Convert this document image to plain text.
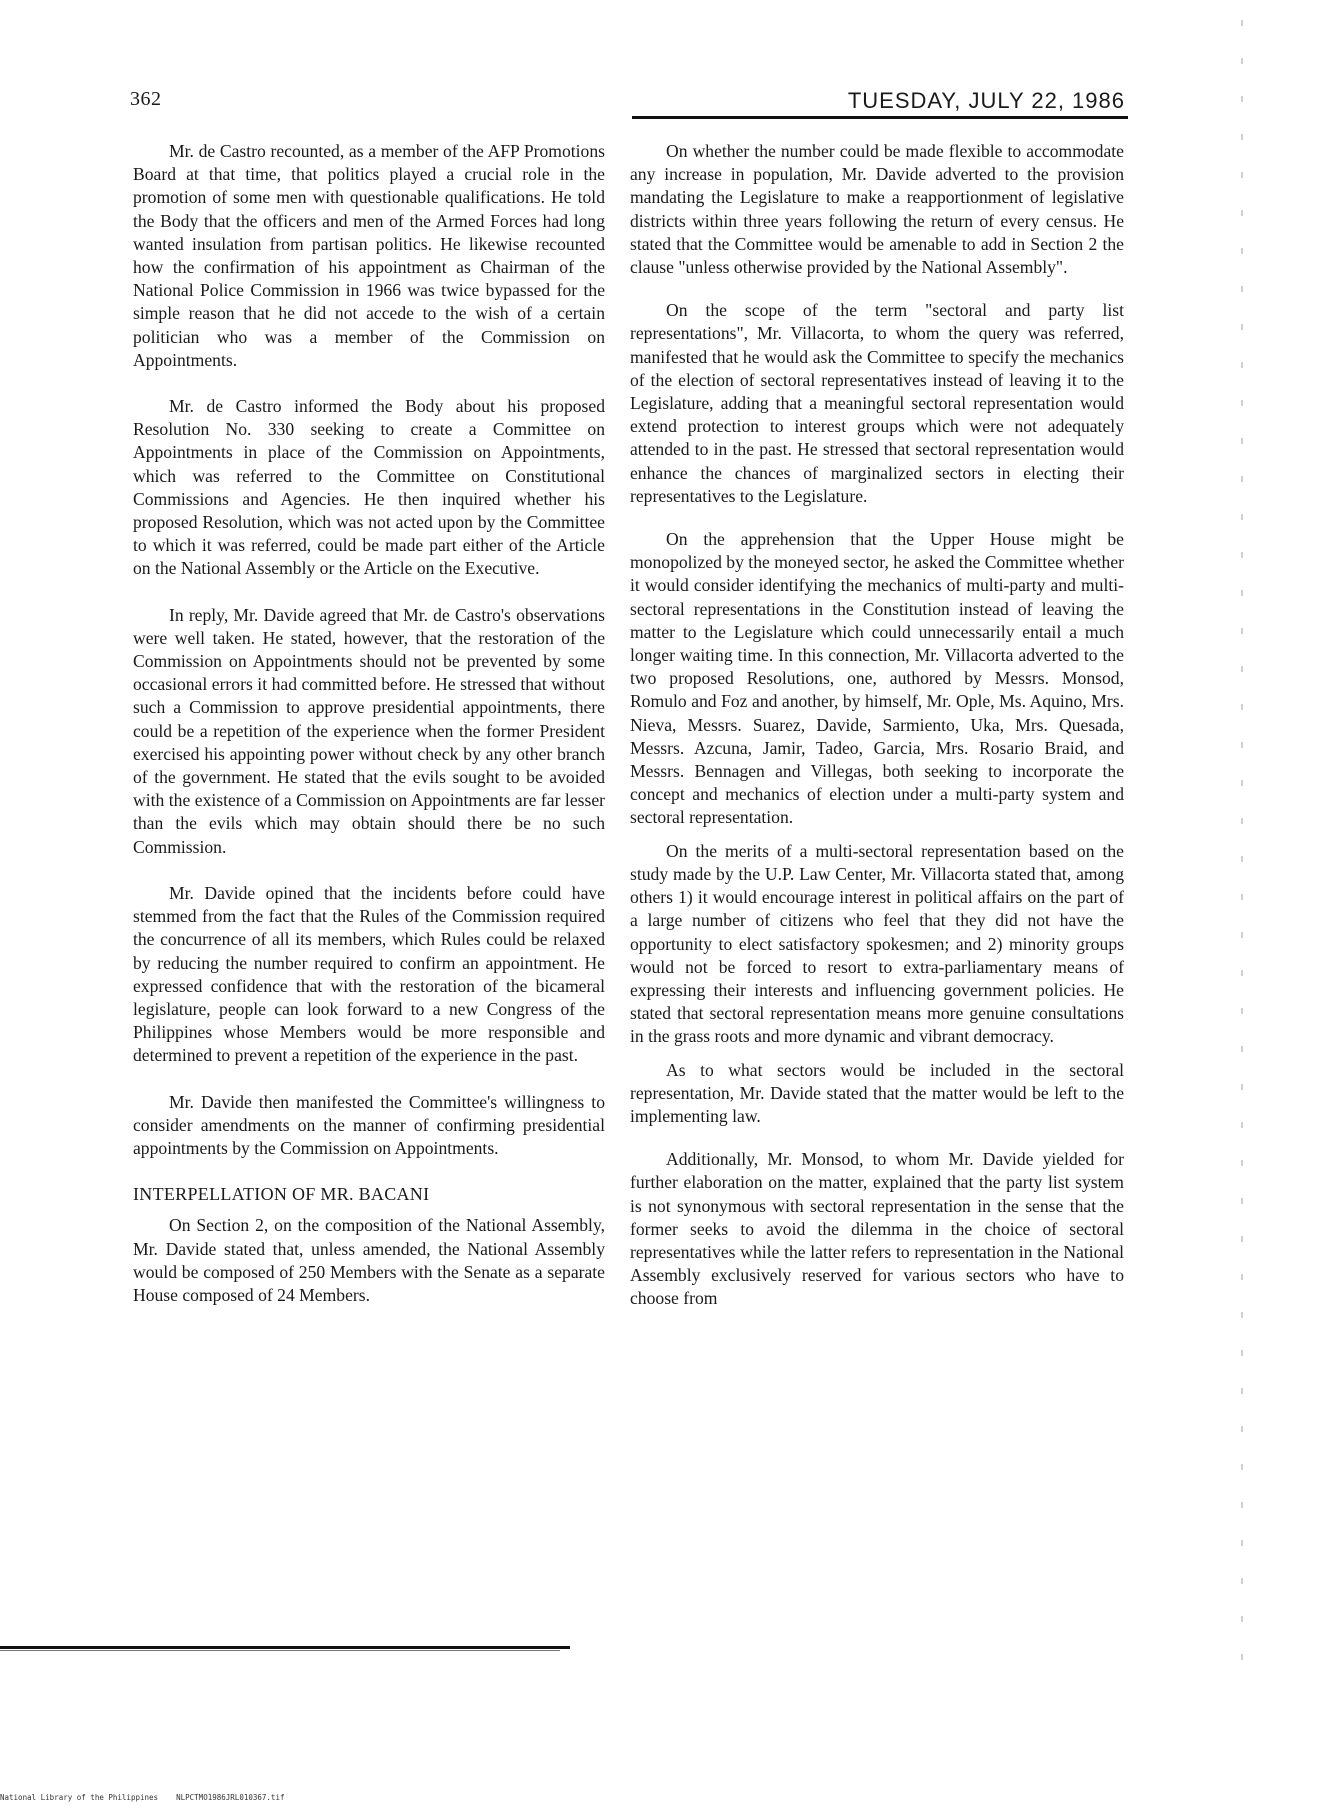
362	TUESDAY, JULY 22, 1986

Mr. de Castro recounted, as a member of the AFP Promotions Board at that time, that politics played a crucial role in the promotion of some men with questionable qualifications. He told the Body that the officers and men of the Armed Forces had long wanted insulation from partisan politics. He likewise recounted how the confirmation of his appointment as Chairman of the National Police Commission in 1966 was twice bypassed for the simple reason that he did not accede to the wish of a certain politician who was a member of the Commission on Appointments.

Mr. de Castro informed the Body about his proposed Resolution No. 330 seeking to create a Committee on Appointments in place of the Commission on Appointments, which was referred to the Committee on Constitutional Commissions and Agencies. He then inquired whether his proposed Resolution, which was not acted upon by the Committee to which it was referred, could be made part either of the Article on the National Assembly or the Article on the Executive.

In reply, Mr. Davide agreed that Mr. de Castro's observations were well taken. He stated, however, that the restoration of the Commission on Appointments should not be prevented by some occasional errors it had committed before. He stressed that without such a Commission to approve presidential appointments, there could be a repetition of the experience when the former President exercised his appointing power without check by any other branch of the government. He stated that the evils sought to be avoided with the existence of a Commission on Appointments are far lesser than the evils which may obtain should there be no such Commission.

Mr. Davide opined that the incidents before could have stemmed from the fact that the Rules of the Commission required the concurrence of all its members, which Rules could be relaxed by reducing the number required to confirm an appointment. He expressed confidence that with the restoration of the bicameral legislature, people can look forward to a new Congress of the Philippines whose Members would be more responsible and determined to prevent a repetition of the experience in the past.

Mr. Davide then manifested the Committee's willingness to consider amendments on the manner of confirming presidential appointments by the Commission on Appointments.

INTERPELLATION OF MR. BACANI

On Section 2, on the composition of the National Assembly, Mr. Davide stated that, unless amended, the National Assembly would be composed of 250 Members with the Senate as a separate House composed of 24 Members.

On whether the number could be made flexible to accommodate any increase in population, Mr. Davide adverted to the provision mandating the Legislature to make a reapportionment of legislative districts within three years following the return of every census. He stated that the Committee would be amenable to add in Section 2 the clause "unless otherwise provided by the National Assembly".

On the scope of the term "sectoral and party list representations", Mr. Villacorta, to whom the query was referred, manifested that he would ask the Committee to specify the mechanics of the election of sectoral representatives instead of leaving it to the Legislature, adding that a meaningful sectoral representation would extend protection to interest groups which were not adequately attended to in the past. He stressed that sectoral representation would enhance the chances of marginalized sectors in electing their representatives to the Legislature.

On the apprehension that the Upper House might be monopolized by the moneyed sector, he asked the Committee whether it would consider identifying the mechanics of multi-party and multi-sectoral representations in the Constitution instead of leaving the matter to the Legislature which could unnecessarily entail a much longer waiting time. In this connection, Mr. Villacorta adverted to the two proposed Resolutions, one, authored by Messrs. Monsod, Romulo and Foz and another, by himself, Mr. Ople, Ms. Aquino, Mrs. Nieva, Messrs. Suarez, Davide, Sarmiento, Uka, Mrs. Quesada, Messrs. Azcuna, Jamir, Tadeo, Garcia, Mrs. Rosario Braid, and Messrs. Bennagen and Villegas, both seeking to incorporate the concept and mechanics of election under a multi-party system and sectoral representation.

On the merits of a multi-sectoral representation based on the study made by the U.P. Law Center, Mr. Villacorta stated that, among others 1) it would encourage interest in political affairs on the part of a large number of citizens who feel that they did not have the opportunity to elect satisfactory spokesmen; and 2) minority groups would not be forced to resort to extra-parliamentary means of expressing their interests and influencing government policies. He stated that sectoral representation means more genuine consultations in the grass roots and more dynamic and vibrant democracy.

As to what sectors would be included in the sectoral representation, Mr. Davide stated that the matter would be left to the implementing law.

Additionally, Mr. Monsod, to whom Mr. Davide yielded for further elaboration on the matter, explained that the party list system is not synonymous with sectoral representation in the sense that the former seeks to avoid the dilemma in the choice of sectoral representatives while the latter refers to representation in the National Assembly exclusively reserved for various sectors who have to choose from

National Library of the Philippines    NLPCTMO1986JRL010367.tif
